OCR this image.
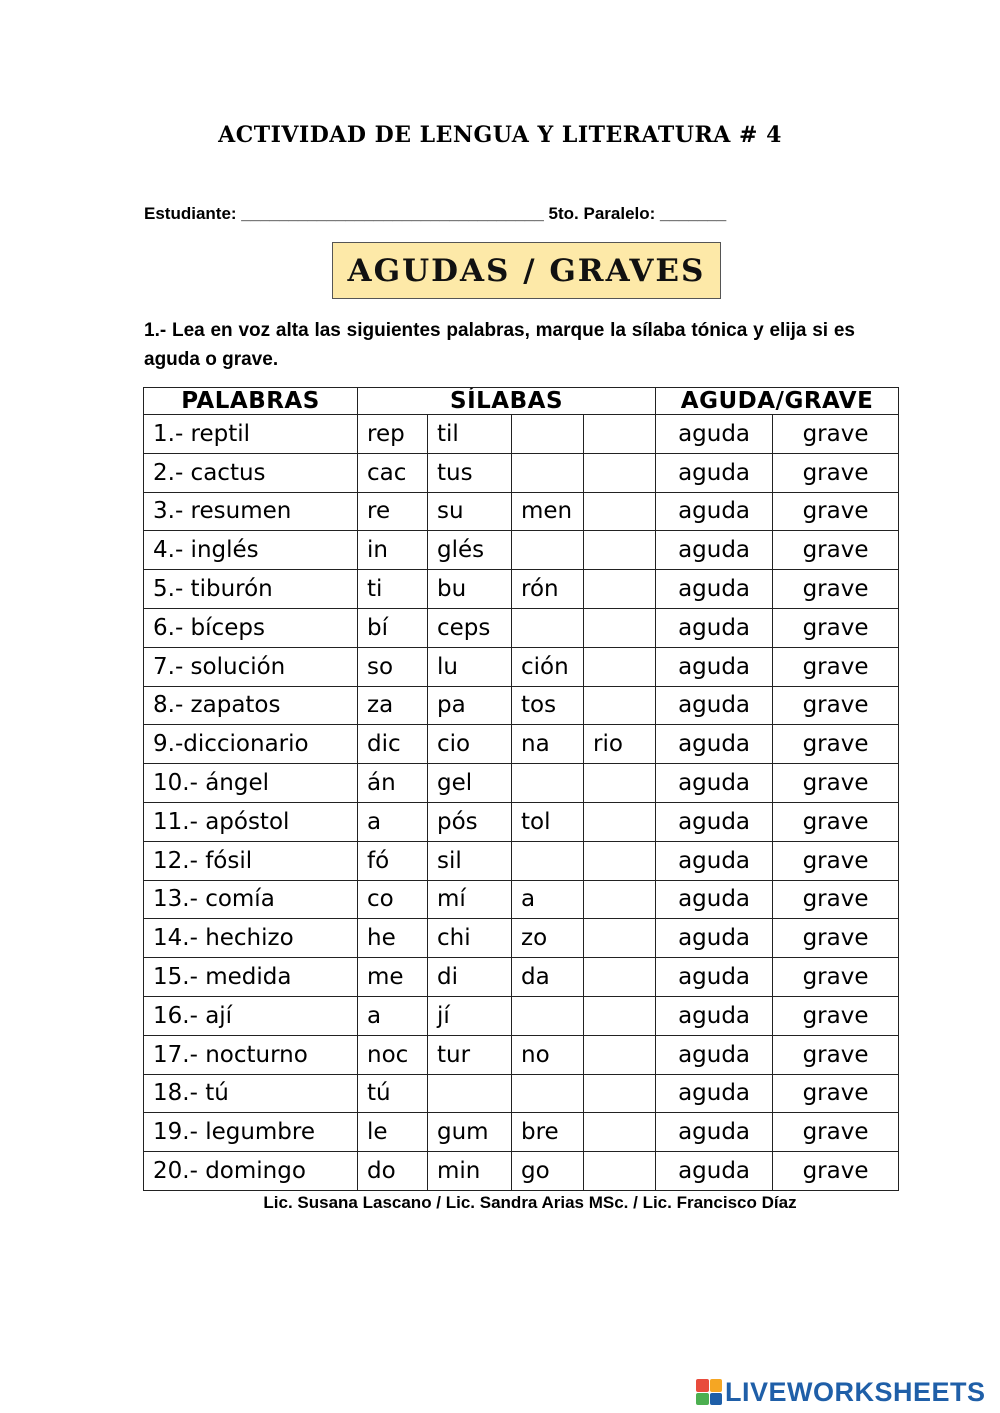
ACTIVIDAD DE LENGUA Y LITERATURA # 4
Estudiante: ________________________________ 5to. Paralelo: _______
AGUDAS / GRAVES
1.- Lea en voz alta las siguientes palabras, marque la sílaba tónica y elija si es aguda o grave.
PALABRAS	SÍLABAS				AGUDA/GRAVE	
1.- reptil	rep	til			aguda	grave
2.- cactus	cac	tus			aguda	grave
3.- resumen	re	su	men		aguda	grave
4.- inglés	in	glés			aguda	grave
5.- tiburón	ti	bu	rón		aguda	grave
6.- bíceps	bí	ceps			aguda	grave
7.- solución	so	lu	ción		aguda	grave
8.- zapatos	za	pa	tos		aguda	grave
9.-diccionario	dic	cio	na	rio	aguda	grave
10.- ángel	án	gel			aguda	grave
11.- apóstol	a	pós	tol		aguda	grave
12.- fósil	fó	sil			aguda	grave
13.- comía	co	mí	a		aguda	grave
14.- hechizo	he	chi	zo		aguda	grave
15.- medida	me	di	da		aguda	grave
16.- ají	a	jí			aguda	grave
17.- nocturno	noc	tur	no		aguda	grave
18.- tú	tú				aguda	grave
19.- legumbre	le	gum	bre		aguda	grave
20.- domingo	do	min	go		aguda	grave
Lic. Susana Lascano / Lic. Sandra Arias MSc. / Lic. Francisco Díaz
LIVEWORKSHEETS
